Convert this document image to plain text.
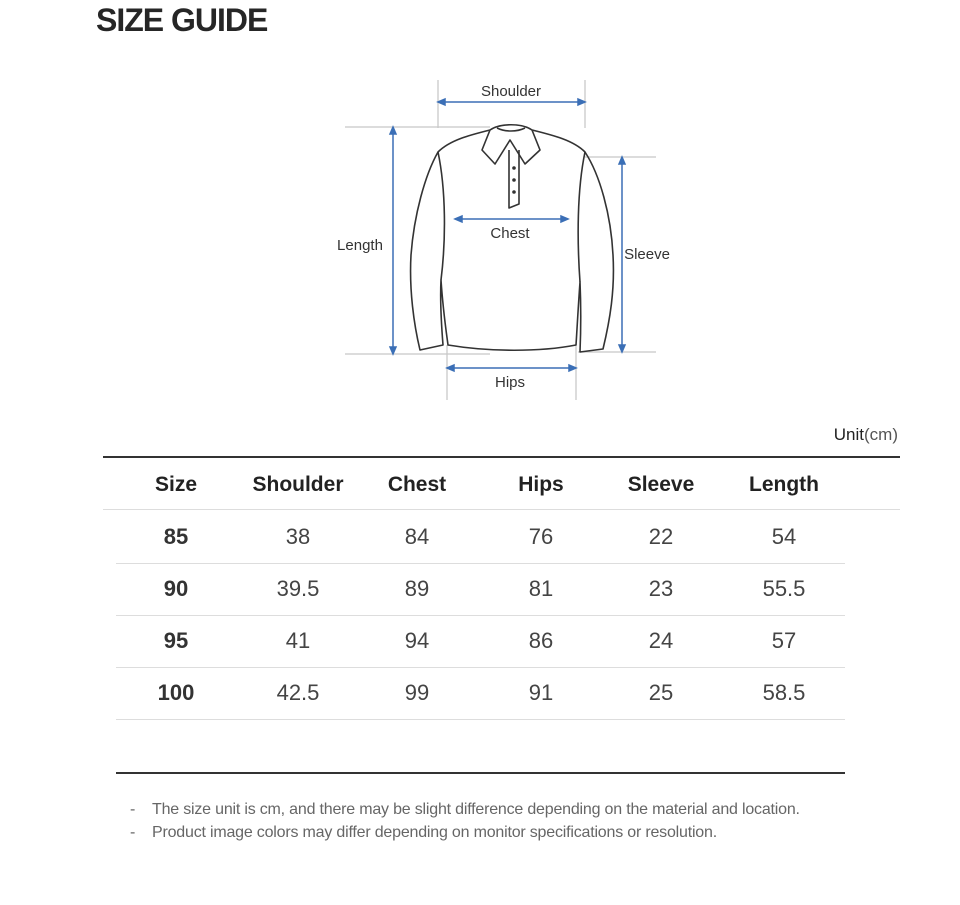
SIZE GUIDE
Shoulder
Chest
Length
Sleeve
Hips
Unit(cm)
Size	Shoulder	Chest	Hips	Sleeve	Length
85	38	84	76	22	54
90	39.5	89	81	23	55.5
95	41	94	86	24	57
100	42.5	99	91	25	58.5
- The size unit is cm, and there may be slight difference depending on the material and location.
- Product image colors may differ depending on monitor specifications or resolution.
